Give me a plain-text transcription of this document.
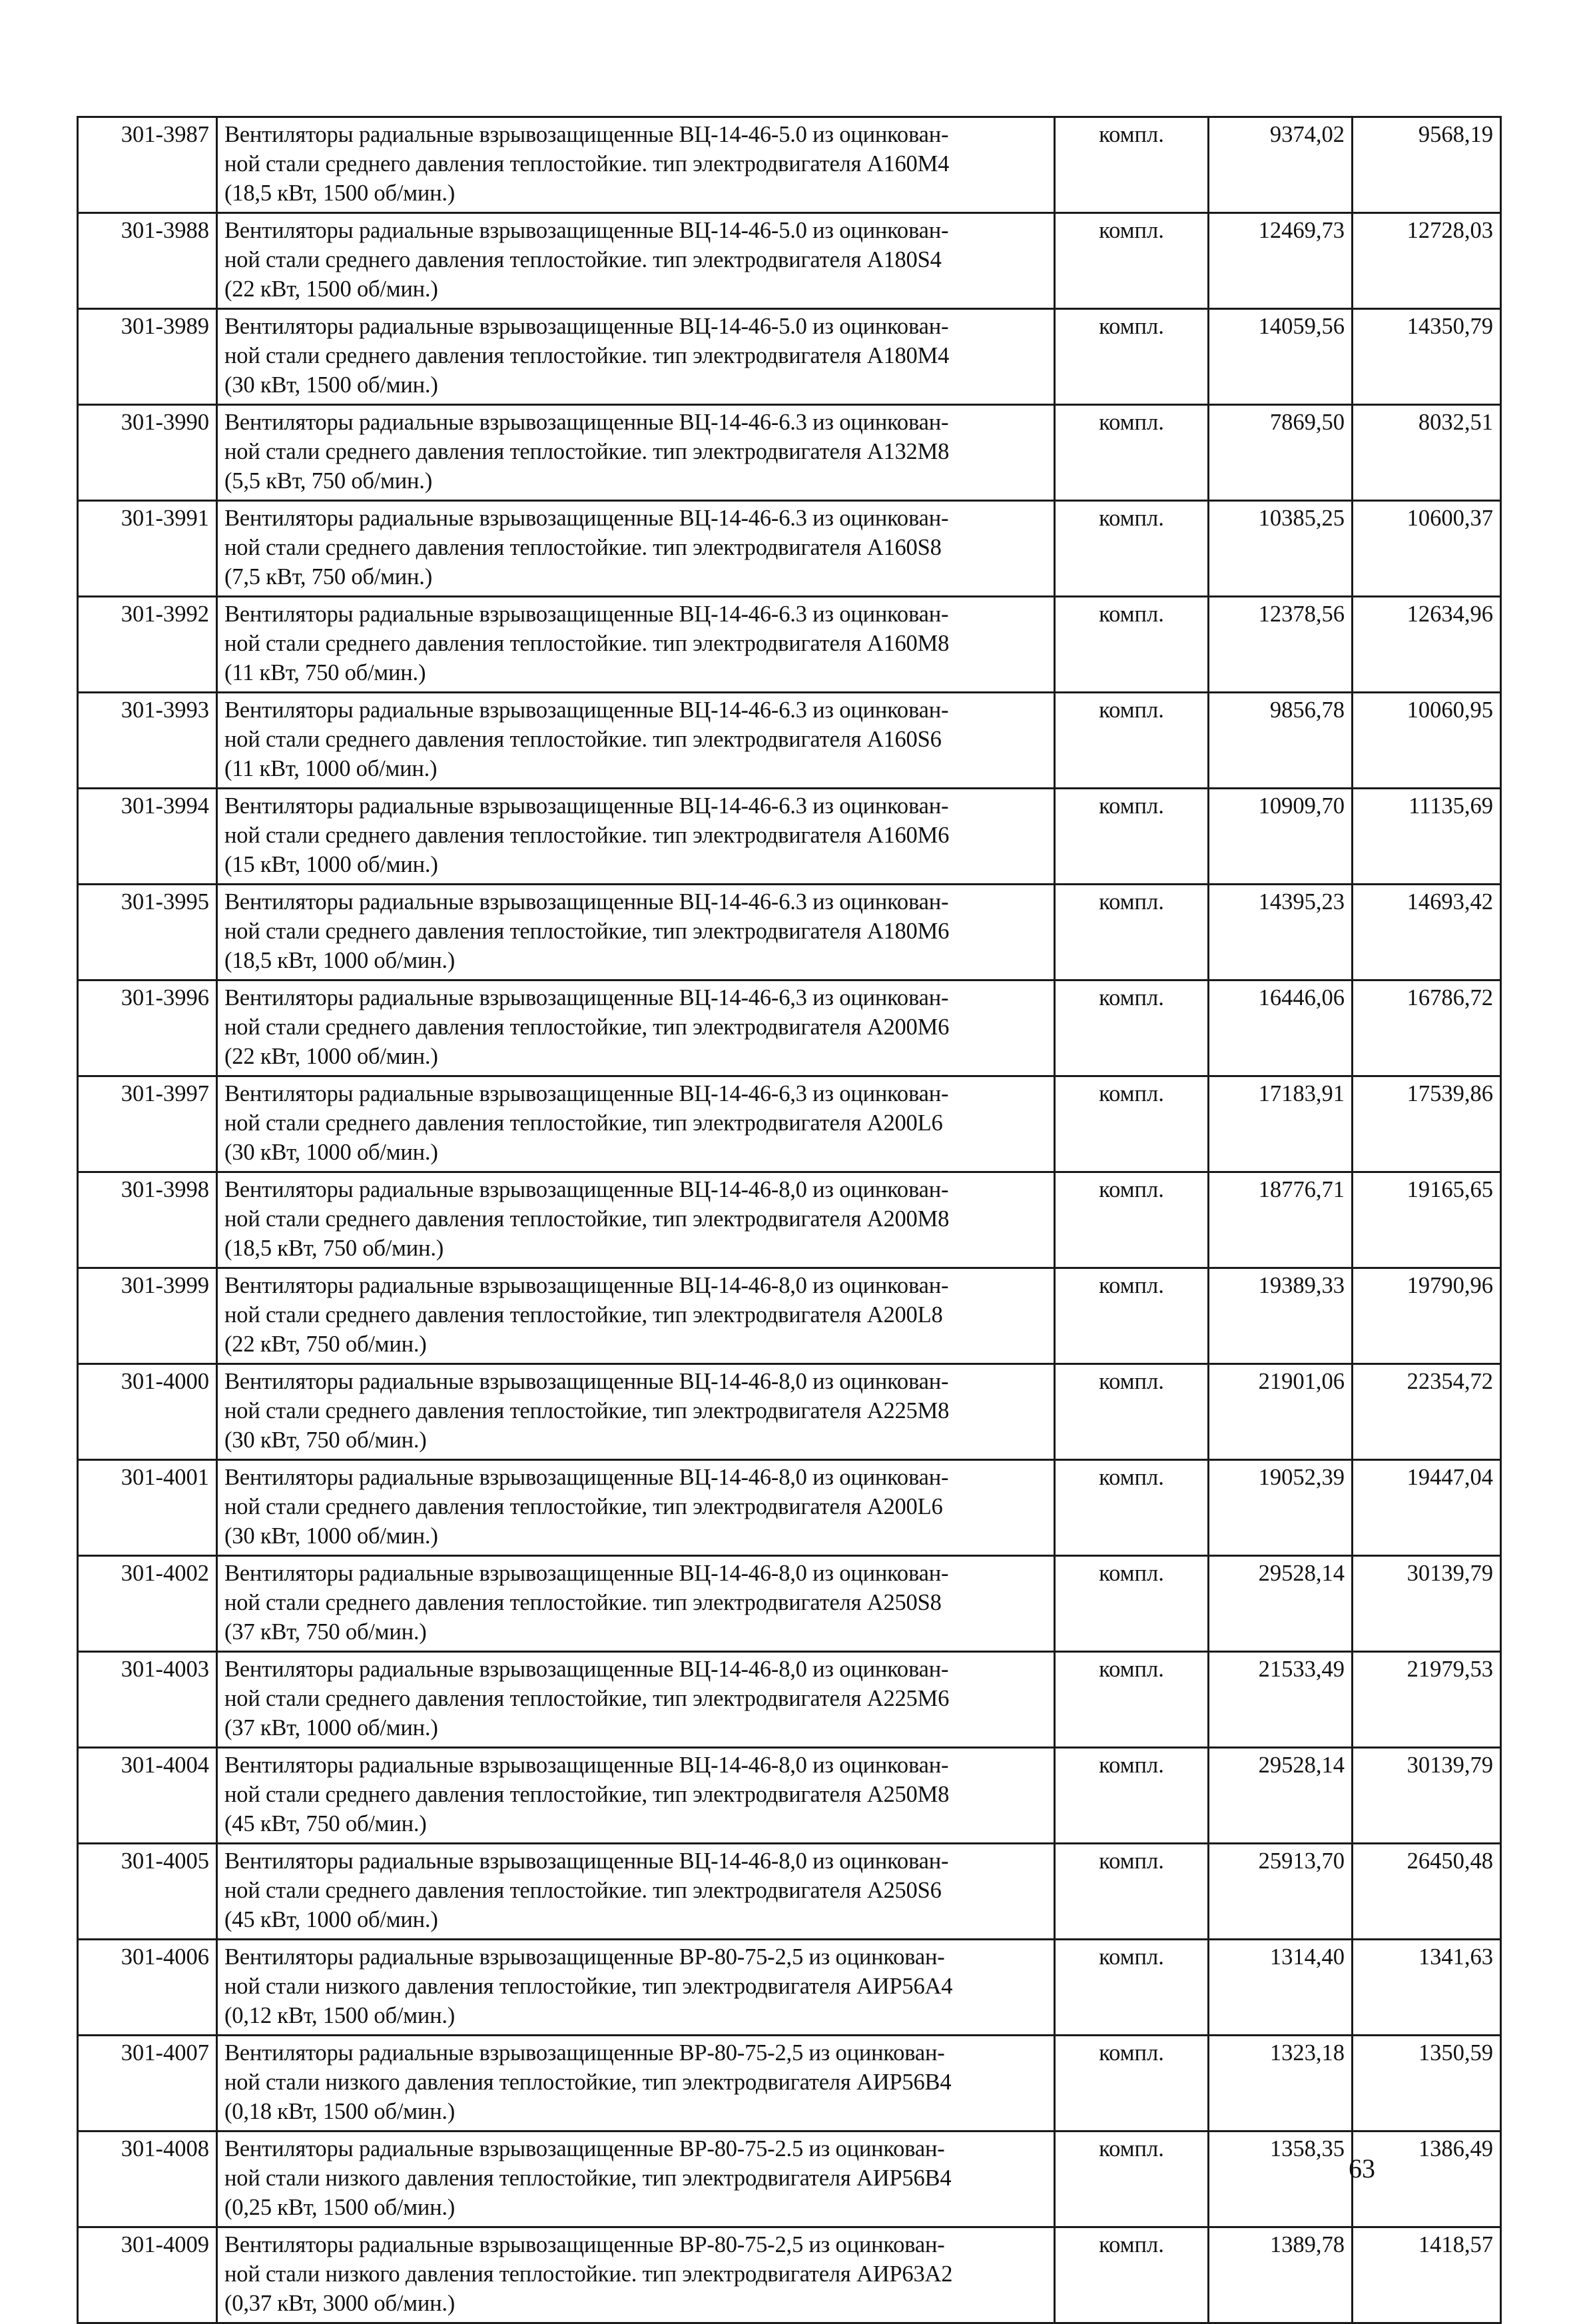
301-3987	Вентиляторы радиальные взрывозащищенные ВЦ-14-46-5.0 из оцинкован-
ной стали среднего давления теплостойкие. тип электродвигателя А160М4
(18,5 кВт, 1500 об/мин.)	компл.	9374,02	9568,19
301-3988	Вентиляторы радиальные взрывозащищенные ВЦ-14-46-5.0 из оцинкован-
ной стали среднего давления теплостойкие. тип электродвигателя А180S4
(22 кВт, 1500 об/мин.)	компл.	12469,73	12728,03
301-3989	Вентиляторы радиальные взрывозащищенные ВЦ-14-46-5.0 из оцинкован-
ной стали среднего давления теплостойкие. тип электродвигателя А180М4
(30 кВт, 1500 об/мин.)	компл.	14059,56	14350,79
301-3990	Вентиляторы радиальные взрывозащищенные ВЦ-14-46-6.3 из оцинкован-
ной стали среднего давления теплостойкие. тип электродвигателя А132М8
(5,5 кВт, 750 об/мин.)	компл.	7869,50	8032,51
301-3991	Вентиляторы радиальные взрывозащищенные ВЦ-14-46-6.3 из оцинкован-
ной стали среднего давления теплостойкие. тип электродвигателя А160S8
(7,5 кВт, 750 об/мин.)	компл.	10385,25	10600,37
301-3992	Вентиляторы радиальные взрывозащищенные ВЦ-14-46-6.3 из оцинкован-
ной стали среднего давления теплостойкие. тип электродвигателя А160М8
(11 кВт, 750 об/мин.)	компл.	12378,56	12634,96
301-3993	Вентиляторы радиальные взрывозащищенные ВЦ-14-46-6.3 из оцинкован-
ной стали среднего давления теплостойкие. тип электродвигателя А160S6
(11 кВт, 1000 об/мин.)	компл.	9856,78	10060,95
301-3994	Вентиляторы радиальные взрывозащищенные ВЦ-14-46-6.3 из оцинкован-
ной стали среднего давления теплостойкие. тип электродвигателя А160М6
(15 кВт, 1000 об/мин.)	компл.	10909,70	11135,69
301-3995	Вентиляторы радиальные взрывозащищенные ВЦ-14-46-6.3 из оцинкован-
ной стали среднего давления теплостойкие, тип электродвигателя А180М6
(18,5 кВт, 1000 об/мин.)	компл.	14395,23	14693,42
301-3996	Вентиляторы радиальные взрывозащищенные ВЦ-14-46-6,3 из оцинкован-
ной стали среднего давления теплостойкие, тип электродвигателя А200М6
(22 кВт, 1000 об/мин.)	компл.	16446,06	16786,72
301-3997	Вентиляторы радиальные взрывозащищенные ВЦ-14-46-6,3 из оцинкован-
ной стали среднего давления теплостойкие, тип электродвигателя А200L6
(30 кВт, 1000 об/мин.)	компл.	17183,91	17539,86
301-3998	Вентиляторы радиальные взрывозащищенные ВЦ-14-46-8,0 из оцинкован-
ной стали среднего давления теплостойкие, тип электродвигателя А200М8
(18,5 кВт, 750 об/мин.)	компл.	18776,71	19165,65
301-3999	Вентиляторы радиальные взрывозащищенные ВЦ-14-46-8,0 из оцинкован-
ной стали среднего давления теплостойкие, тип электродвигателя А200L8
(22 кВт, 750 об/мин.)	компл.	19389,33	19790,96
301-4000	Вентиляторы радиальные взрывозащищенные ВЦ-14-46-8,0 из оцинкован-
ной стали среднего давления теплостойкие, тип электродвигателя А225М8
(30 кВт, 750 об/мин.)	компл.	21901,06	22354,72
301-4001	Вентиляторы радиальные взрывозащищенные ВЦ-14-46-8,0 из оцинкован-
ной стали среднего давления теплостойкие, тип электродвигателя А200L6
(30 кВт, 1000 об/мин.)	компл.	19052,39	19447,04
301-4002	Вентиляторы радиальные взрывозащищенные ВЦ-14-46-8,0 из оцинкован-
ной стали среднего давления теплостойкие. тип электродвигателя А250S8
(37 кВт, 750 об/мин.)	компл.	29528,14	30139,79
301-4003	Вентиляторы радиальные взрывозащищенные ВЦ-14-46-8,0 из оцинкован-
ной стали среднего давления теплостойкие, тип электродвигателя А225М6
(37 кВт, 1000 об/мин.)	компл.	21533,49	21979,53
301-4004	Вентиляторы радиальные взрывозащищенные ВЦ-14-46-8,0 из оцинкован-
ной стали среднего давления теплостойкие, тип электродвигателя А250М8
(45 кВт, 750 об/мин.)	компл.	29528,14	30139,79
301-4005	Вентиляторы радиальные взрывозащищенные ВЦ-14-46-8,0 из оцинкован-
ной стали среднего давления теплостойкие. тип электродвигателя А250S6
(45 кВт, 1000 об/мин.)	компл.	25913,70	26450,48
301-4006	Вентиляторы радиальные взрывозащищенные ВР-80-75-2,5 из оцинкован-
ной стали низкого давления теплостойкие, тип электродвигателя АИР56А4
(0,12 кВт, 1500 об/мин.)	компл.	1314,40	1341,63
301-4007	Вентиляторы радиальные взрывозащищенные ВР-80-75-2,5 из оцинкован-
ной стали низкого давления теплостойкие, тип электродвигателя АИР56В4
(0,18 кВт, 1500 об/мин.)	компл.	1323,18	1350,59
301-4008	Вентиляторы радиальные взрывозащищенные ВР-80-75-2.5 из оцинкован-
ной стали низкого давления теплостойкие, тип электродвигателя АИР56В4
(0,25 кВт, 1500 об/мин.)	компл.	1358,35	1386,49
301-4009	Вентиляторы радиальные взрывозащищенные ВР-80-75-2,5 из оцинкован-
ной стали низкого давления теплостойкие. тип электродвигателя АИР63А2
(0,37 кВт, 3000 об/мин.)	компл.	1389,78	1418,57
63
